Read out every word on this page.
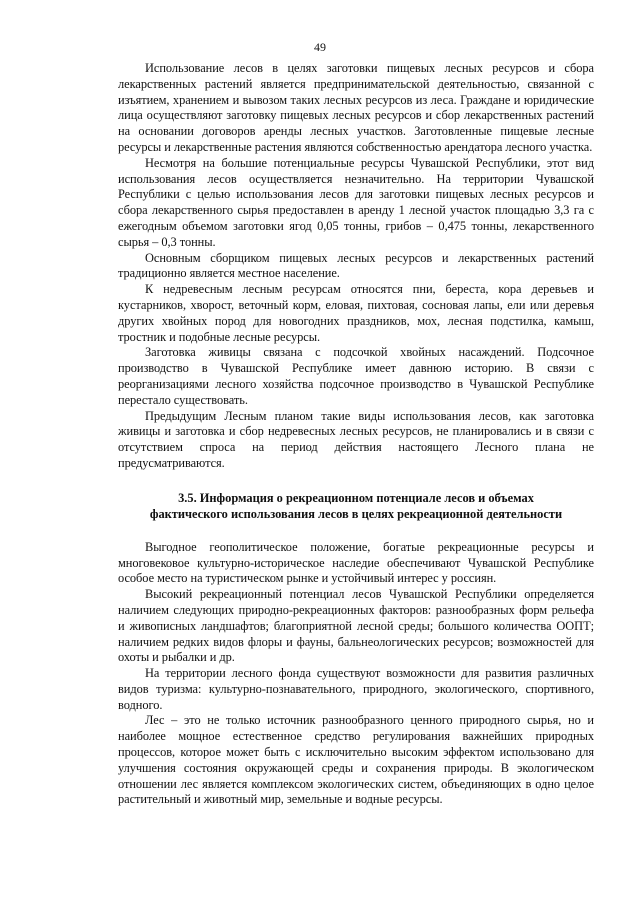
49

Использование лесов в целях заготовки пищевых лесных ресурсов и сбора лекарственных растений является предпринимательской деятельностью, связанной с изъятием, хранением и вывозом таких лесных ресурсов из леса. Граждане и юридические лица осуществляют заготовку пищевых лесных ресурсов и сбор лекарственных растений на основании договоров аренды лесных участков. Заготовленные пищевые лесные ресурсы и лекарственные растения являются собственностью арендатора лесного участка.

Несмотря на большие потенциальные ресурсы Чувашской Республики, этот вид использования лесов осуществляется незначительно. На территории Чувашской Республики с целью использования лесов для заготовки пищевых лесных ресурсов и сбора лекарственного сырья предоставлен в аренду 1 лесной участок площадью 3,3 га с ежегодным объемом заготовки ягод 0,05 тонны, грибов – 0,475 тонны, лекарственного сырья – 0,3 тонны.

Основным сборщиком пищевых лесных ресурсов и лекарственных растений традиционно является местное население.

К недревесным лесным ресурсам относятся пни, береста, кора деревьев и кустарников, хворост, веточный корм, еловая, пихтовая, сосновая лапы, ели или деревья других хвойных пород для новогодних праздников, мох, лесная подстилка, камыш, тростник и подобные лесные ресурсы.

Заготовка живицы связана с подсочкой хвойных насаждений. Подсочное производство в Чувашской Республике имеет давнюю историю. В связи с реорганизациями лесного хозяйства подсочное производство в Чувашской Республике перестало существовать.

Предыдущим Лесным планом такие виды использования лесов, как заготовка живицы и заготовка и сбор недревесных лесных ресурсов, не планировались и в связи с отсутствием спроса на период действия настоящего Лесного плана не предусматриваются.

3.5. Информация о рекреационном потенциале лесов и объемах
фактического использования лесов в целях рекреационной деятельности

Выгодное геополитическое положение, богатые рекреационные ресурсы и многовековое культурно-историческое наследие обеспечивают Чувашской Республике особое место на туристическом рынке и устойчивый интерес у россиян.

Высокий рекреационный потенциал лесов Чувашской Республики определяется наличием следующих природно-рекреационных факторов: разнообразных форм рельефа и живописных ландшафтов; благоприятной лесной среды; большого количества ООПТ; наличием редких видов флоры и фауны, бальнеологических ресурсов; возможностей для охоты и рыбалки и др.

На территории лесного фонда существуют возможности для развития различных видов туризма: культурно-познавательного, природного, экологического, спортивного, водного.

Лес – это не только источник разнообразного ценного природного сырья, но и наиболее мощное естественное средство регулирования важнейших природных процессов, которое может быть с исключительно высоким эффектом использовано для улучшения состояния окружающей среды и сохранения природы. В экологическом отношении лес является комплексом экологических систем, объединяющих в одно целое растительный и животный мир, земельные и водные ресурсы.
